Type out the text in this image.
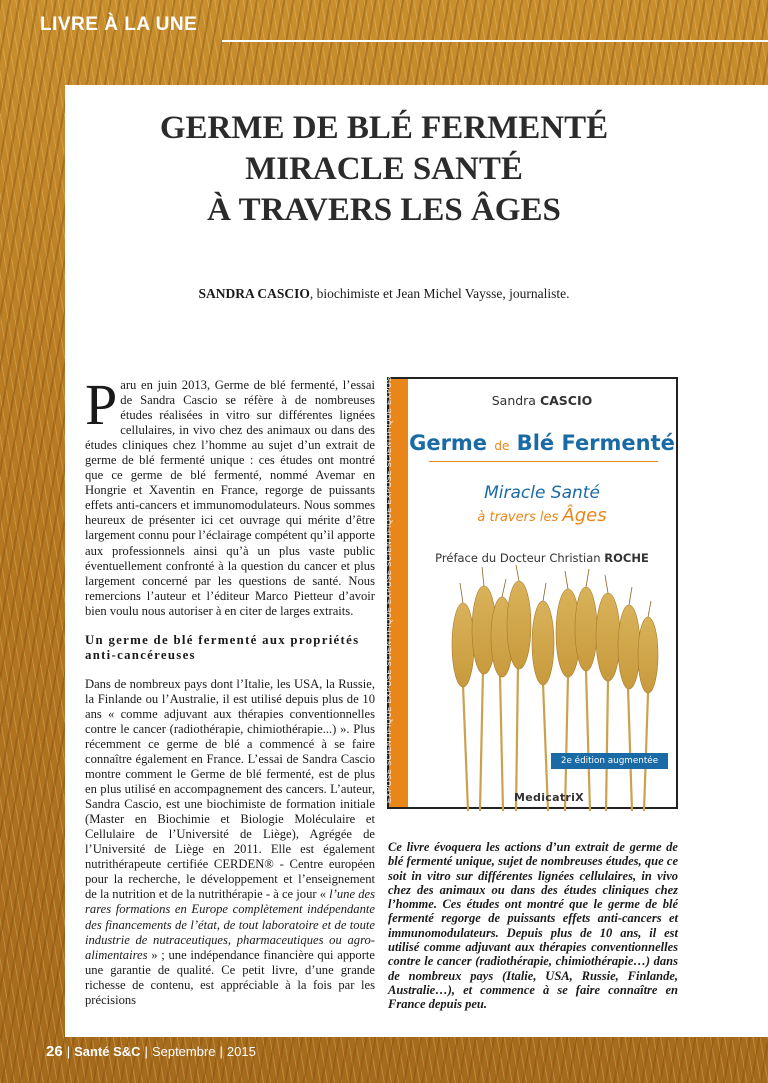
LIVRE À LA UNE
GERME DE BLÉ FERMENTÉ
MIRACLE SANTÉ
À TRAVERS LES ÂGES
SANDRA CASCIO, biochimiste et Jean Michel Vaysse, journaliste.

Paru en juin 2013, Germe de blé fermenté, l’essai de Sandra Cascio se réfère à de nombreuses études réalisées in vitro sur différentes lignées cellulaires, in vivo chez des animaux ou dans des études cliniques chez l’homme au sujet d’un extrait de germe de blé fermenté unique : ces études ont montré que ce germe de blé fermenté, nommé Avemar en Hongrie et Xaventin en France, regorge de puissants effets anti-cancers et immunomodulateurs. Nous sommes heureux de présenter ici cet ouvrage qui mérite d’être largement connu pour l’éclairage compétent qu’il apporte aux professionnels ainsi qu’à un plus vaste public éventuellement confronté à la question du cancer et plus largement concerné par les questions de santé. Nous remercions l’auteur et l’éditeur Marco Pietteur d’avoir bien voulu nous autoriser à en citer de larges extraits.

Un germe de blé fermenté aux propriétés anti-cancéreuses

Dans de nombreux pays dont l’Italie, les USA, la Russie, la Finlande ou l’Australie, il est utilisé depuis plus de 10 ans « comme adjuvant aux thérapies conventionnelles contre le cancer (radiothérapie, chimiothérapie...) ». Plus récemment ce germe de blé a commencé à se faire connaître également en France. L’essai de Sandra Cascio montre comment le Germe de blé fermenté, est de plus en plus utilisé en accompagnement des cancers. L’auteur, Sandra Cascio, est une biochimiste de formation initiale (Master en Biochimie et Biologie Moléculaire et Cellulaire de l’Université de Liège), Agrégée de l’Université de Liège en 2011. Elle est également nutrithérapeute certifiée CERDEN® - Centre européen pour la recherche, le développement et l’enseignement de la nutrition et de la nutrithérapie - à ce jour « l’une des rares formations en Europe complètement indépendante des financements de l’état, de tout laboratoire et de toute industrie de nutraceutiques, pharmaceutiques ou agro-alimentaires » ; une indépendance financière qui apporte une garantie de qualité. Ce petit livre, d’une grande richesse de contenu, est appréciable à la fois par les précisions

EXPOSÉ SCIENTIFIQUE EXPOSÉ SCIENTIFIQUE EXPOSÉ SCIENTIFIQUE EXPOSÉ SCIENTIFIQUE EXPOSÉ SCIENTIFIQUE	Sandra CASCIO
Germe de Blé Fermenté
Miracle Santé
à travers les Âges
Préface du Docteur Christian ROCHE
2e édition augmentée
MedicatriX
Ce livre évoquera les actions d’un extrait de germe de blé fermenté unique, sujet de nombreuses études, que ce soit in vitro sur différentes lignées cellulaires, in vivo chez des animaux ou dans des études cliniques chez l’homme. Ces études ont montré que le germe de blé fermenté regorge de puissants effets anti-cancers et immunomodulateurs. Depuis plus de 10 ans, il est utilisé comme adjuvant aux thérapies conventionnelles contre le cancer (radiothérapie, chimiothérapie…) dans de nombreux pays (Italie, USA, Russie, Finlande, Australie…), et commence à se faire connaître en France depuis peu.
26 | Santé S&C | Septembre | 2015
